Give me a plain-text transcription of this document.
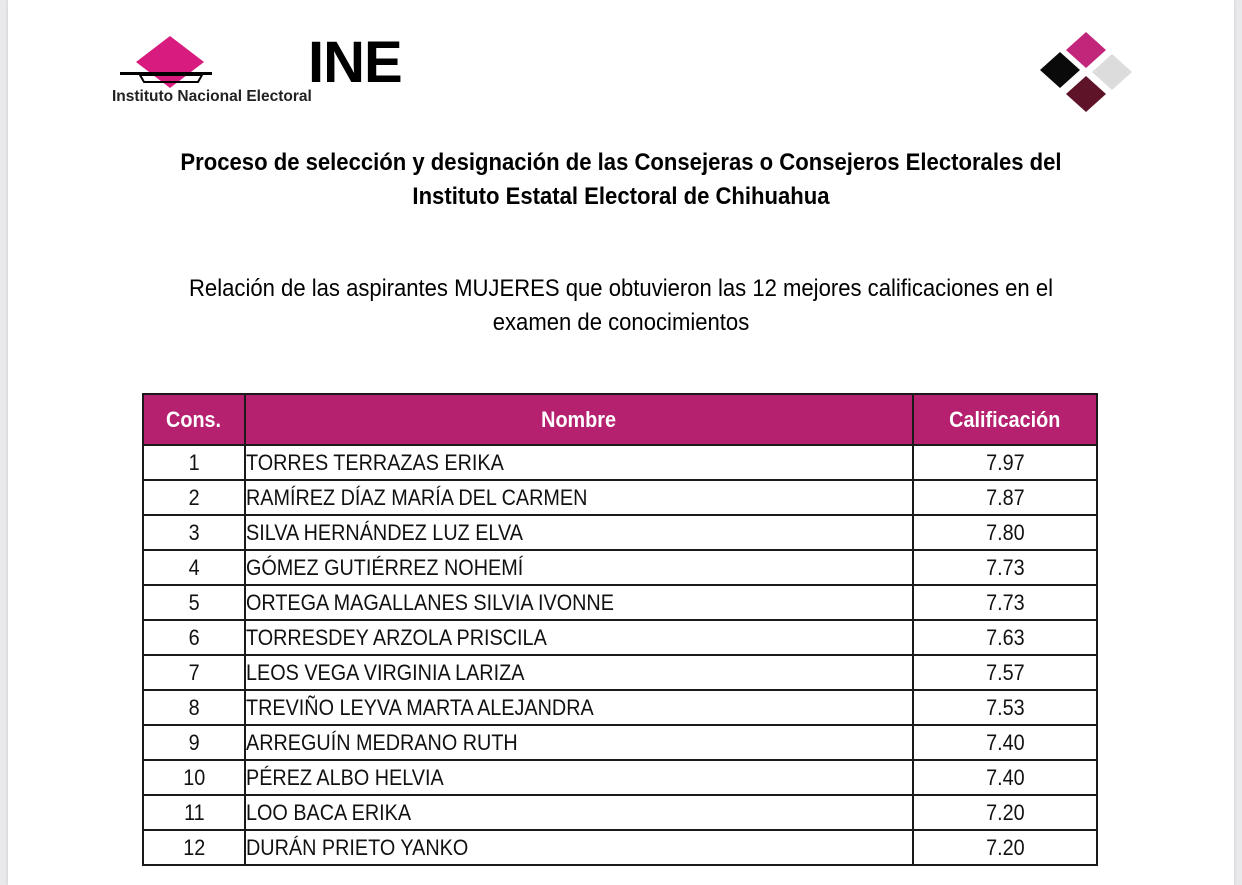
INE
Instituto Nacional Electoral
Proceso de selección y designación de las Consejeras o Consejeros Electorales del
Instituto Estatal Electoral de Chihuahua
Relación de las aspirantes MUJERES que obtuvieron las 12 mejores calificaciones en el
examen de conocimientos
Cons.	Nombre	Calificación
1	TORRES TERRAZAS ERIKA	7.97
2	RAMÍREZ DÍAZ MARÍA DEL CARMEN	7.87
3	SILVA HERNÁNDEZ LUZ ELVA	7.80
4	GÓMEZ GUTIÉRREZ NOHEMÍ	7.73
5	ORTEGA MAGALLANES SILVIA IVONNE	7.73
6	TORRESDEY ARZOLA PRISCILA	7.63
7	LEOS VEGA VIRGINIA LARIZA	7.57
8	TREVIÑO LEYVA MARTA ALEJANDRA	7.53
9	ARREGUÍN MEDRANO RUTH	7.40
10	PÉREZ ALBO HELVIA	7.40
11	LOO BACA ERIKA	7.20
12	DURÁN PRIETO YANKO	7.20
